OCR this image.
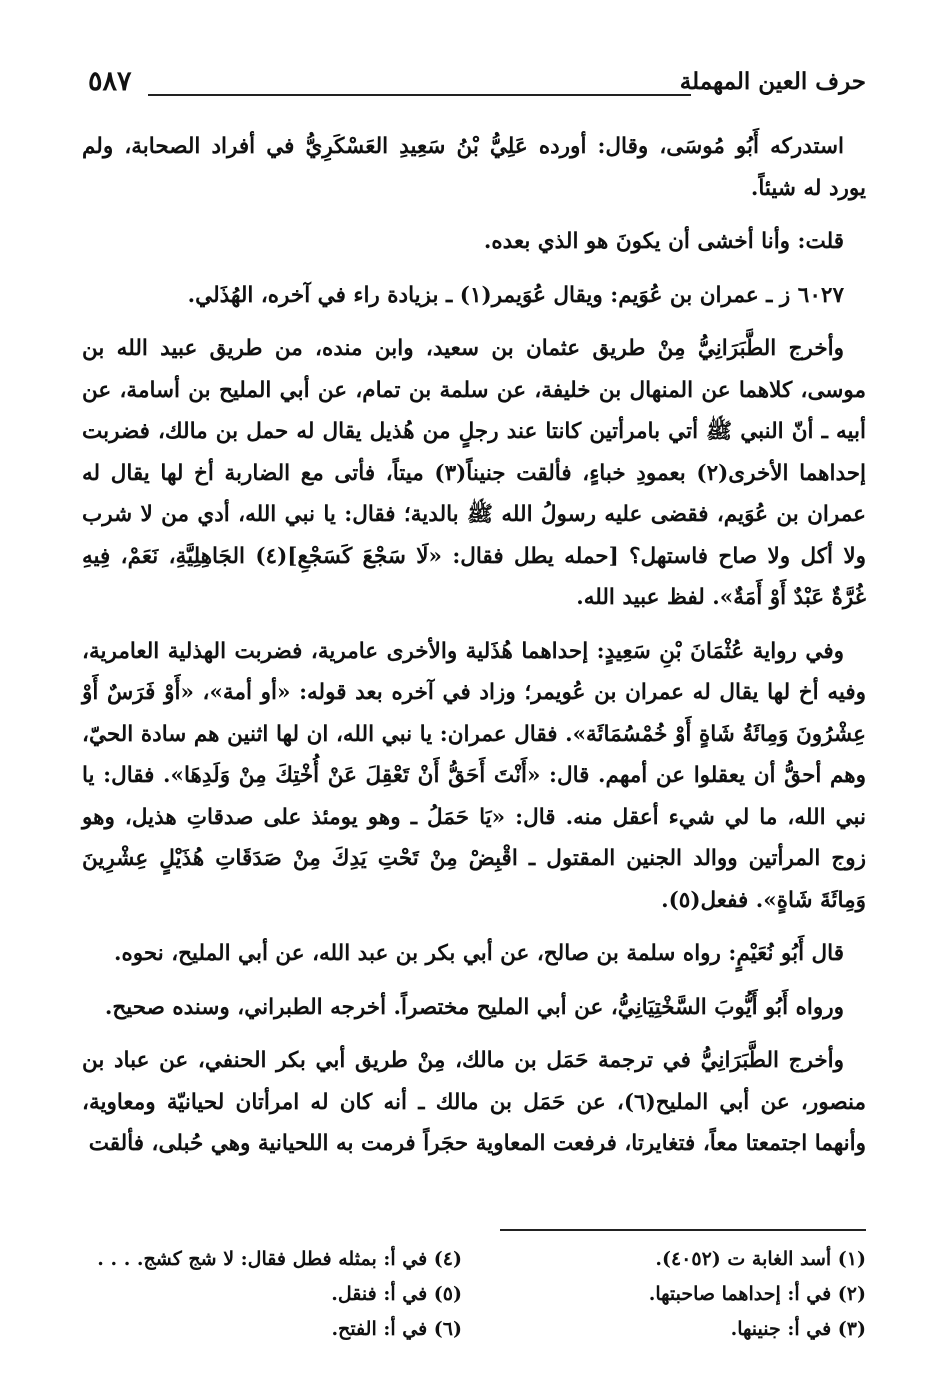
٥٨٧	حرف العين المهملة

استدركه أَبُو مُوسَى، وقال: أورده عَلِيُّ بْنُ سَعِيدِ العَسْكَرِيُّ في أفراد الصحابة، ولم يورد له شيئاً.

قلت: وأنا أخشى أن يكونَ هو الذي بعده.

٦٠٢٧ ز ـ عمران بن عُوَيم: ويقال عُوَيمر(١) ـ بزيادة راء في آخره، الهُذَلي.

وأخرج الطَّبَرَانِيُّ مِنْ طريق عثمان بن سعيد، وابن منده، من طريق عبيد الله بن موسى، كلاهما عن المنهال بن خليفة، عن سلمة بن تمام، عن أبي المليح بن أسامة، عن أبيه ـ أنّ النبي ﷺ أتي بامرأتين كانتا عند رجلٍ من هُذيل يقال له حمل بن مالك، فضربت إحداهما الأخرى(٢) بعمودِ خباءٍ، فألقت جنيناً(٣) ميتاً، فأتى مع الضاربة أخ لها يقال له عمران بن عُوَيم، فقضى عليه رسولُ الله ﷺ بالدية؛ فقال: يا نبي الله، أدي من لا شرب ولا أكل ولا صاح فاستهل؟ [حمله يطل فقال: «لَا سَجْعَ كَسَجْعِ](٤) الجَاهِلِيَّةِ، نَعَمْ، فِيهِ غُرَّةٌ عَبْدٌ أَوْ أَمَةٌ». لفظ عبيد الله.

وفي رواية عُثْمَانَ بْنِ سَعِيدٍ: إحداهما هُذَلية والأخرى عامرية، فضربت الهذلية العامرية، وفيه أخ لها يقال له عمران بن عُويمر؛ وزاد في آخره بعد قوله: «أو أمة»، «أَوْ فَرَسٌ أَوْ عِشْرُونَ وَمِائَةُ شَاةٍ أَوْ خُمْسُمَائَة». فقال عمران: يا نبي الله، ان لها اثنين هم سادة الحيّ، وهم أحقُّ أن يعقلوا عن أمهم. قال: «أَنْتَ أَحَقُّ أَنْ تَعْقِلَ عَنْ أُخْتِكَ مِنْ وَلَدِهَا». فقال: يا نبي الله، ما لي شيء أعقل منه. قال: «يَا حَمَلُ ـ وهو يومئذ على صدقاتِ هذيل، وهو زوج المرأتين ووالد الجنين المقتول ـ اقْبِضْ مِنْ تَحْتِ يَدِكَ مِنْ صَدَقَاتِ هُذَيْلٍ عِشْرِينَ وَمِائَةَ شَاةٍ». ففعل(٥).

قال أَبُو نُعَيْمٍ: رواه سلمة بن صالح، عن أبي بكر بن عبد الله، عن أبي المليح، نحوه.

ورواه أَبُو أَيُّوبَ السَّخْتِيَانِيُّ، عن أبي المليح مختصراً. أخرجه الطبراني، وسنده صحيح.

وأخرج الطَّبَرَانِيُّ في ترجمة حَمَل بن مالك، مِنْ طريق أبي بكر الحنفي، عن عباد بن منصور، عن أبي المليح(٦)، عن حَمَل بن مالك ـ أنه كان له امرأتان لحيانيّة ومعاوية، وأنهما اجتمعتا معاً، فتغايرتا، فرفعت المعاوية حجَراً فرمت به اللحيانية وهي حُبلى، فألقت

(١) أسد الغابة ت (٤٠٥٢).
(٢) في أ: إحداهما صاحبتها.
(٣) في أ: جنينها.
(٤) في أ: بمثله فطل فقال: لا شج كشج. . . .
(٥) في أ: فنقل.
(٦) في أ: الفتح.
